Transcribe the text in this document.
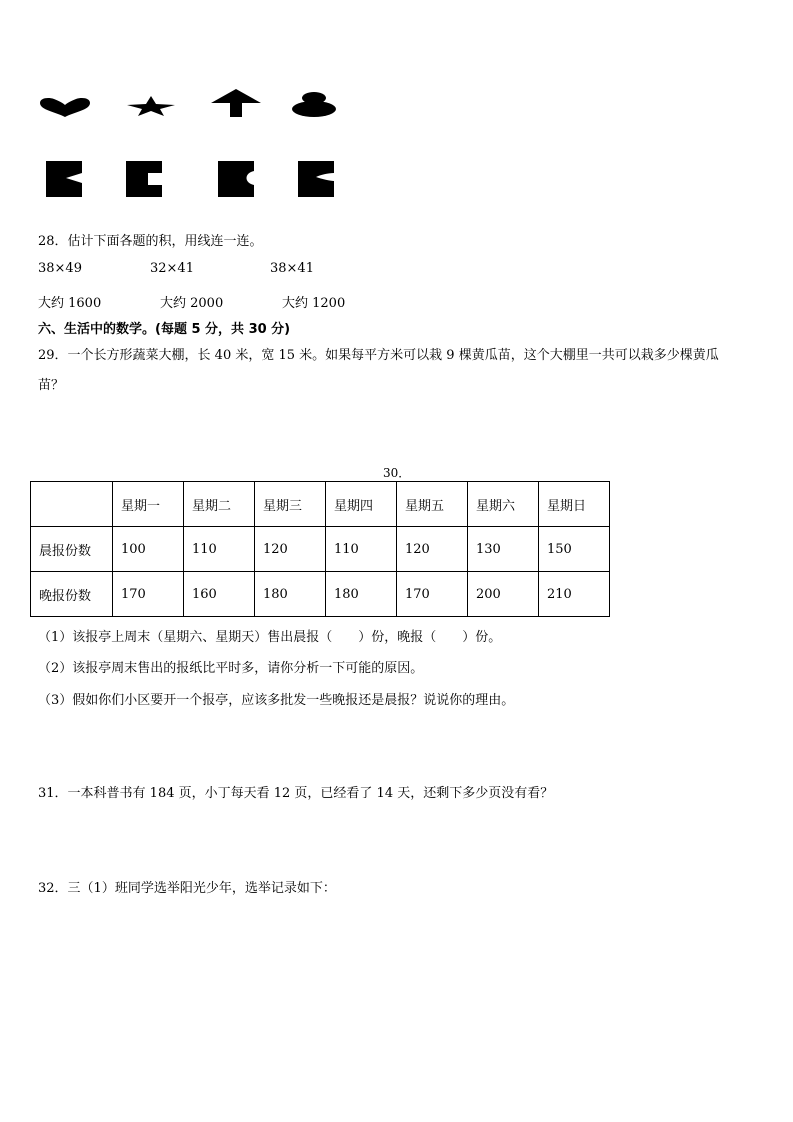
28．估计下面各题的积，用线连一连。
38×49	32×41	38×41
大约 1600	大约 2000	大约 1200
六、生活中的数学。(每题 5 分，共 30 分)
29．一个长方形蔬菜大棚，长 40 米，宽 15 米。如果每平方米可以栽 9 棵黄瓜苗，这个大棚里一共可以栽多少棵黄瓜
苗？
30．
	星期一	星期二	星期三	星期四	星期五	星期六	星期日
晨报份数	100	110	120	110	120	130	150
晚报份数	170	160	180	180	170	200	210
（1）该报亭上周末（星期六、星期天）售出晨报（　　）份，晚报（　　）份。
（2）该报亭周末售出的报纸比平时多，请你分析一下可能的原因。
（3）假如你们小区要开一个报亭，应该多批发一些晚报还是晨报？说说你的理由。
31．一本科普书有 184 页，小丁每天看 12 页，已经看了 14 天，还剩下多少页没有看？
32．三（1）班同学选举阳光少年，选举记录如下：
